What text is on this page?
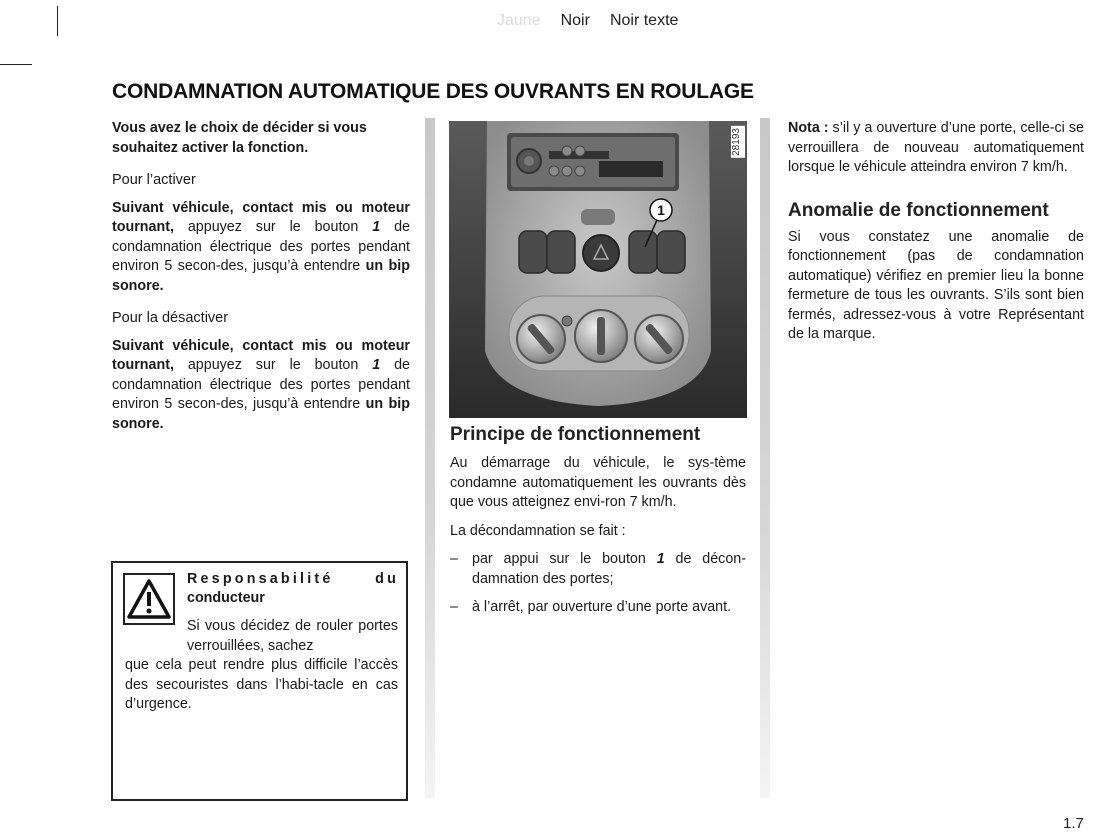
Jaune Noir Noir texte
CONDAMNATION AUTOMATIQUE DES OUVRANTS EN ROULAGE

Vous avez le choix de décider si vous souhaitez activer la fonction.

Pour l’activer

Suivant véhicule, contact mis ou moteur tournant, appuyez sur le bouton 1 de condamnation électrique des portes pendant environ 5 secon-des, jusqu’à entendre un bip sonore.

Pour la désactiver

Suivant véhicule, contact mis ou moteur tournant, appuyez sur le bouton 1 de condamnation électrique des portes pendant environ 5 secon-des, jusqu’à entendre un bip sonore.

Responsabilité du
conducteur
Si vous décidez de rouler portes verrouillées, sachez
que cela peut rendre plus difficile l’accès des secouristes dans l’habi-tacle en cas d’urgence.
1
28193
Principe de fonctionnement

Au démarrage du véhicule, le sys-tème condamne automatiquement les ouvrants dès que vous atteignez envi-ron 7 km/h.

La décondamnation se fait :

– par appui sur le bouton 1 de décon-damnation des portes;
– à l’arrêt, par ouverture d’une porte avant.

Nota : s’il y a ouverture d’une porte, celle-ci se verrouillera de nouveau automatiquement lorsque le véhicule atteindra environ 7 km/h.

Anomalie de fonctionnement

Si vous constatez une anomalie de fonctionnement (pas de condamnation automatique) vérifiez en premier lieu la bonne fermeture de tous les ouvrants. S’ils sont bien fermés, adressez-vous à votre Représentant de la marque.

1.7
